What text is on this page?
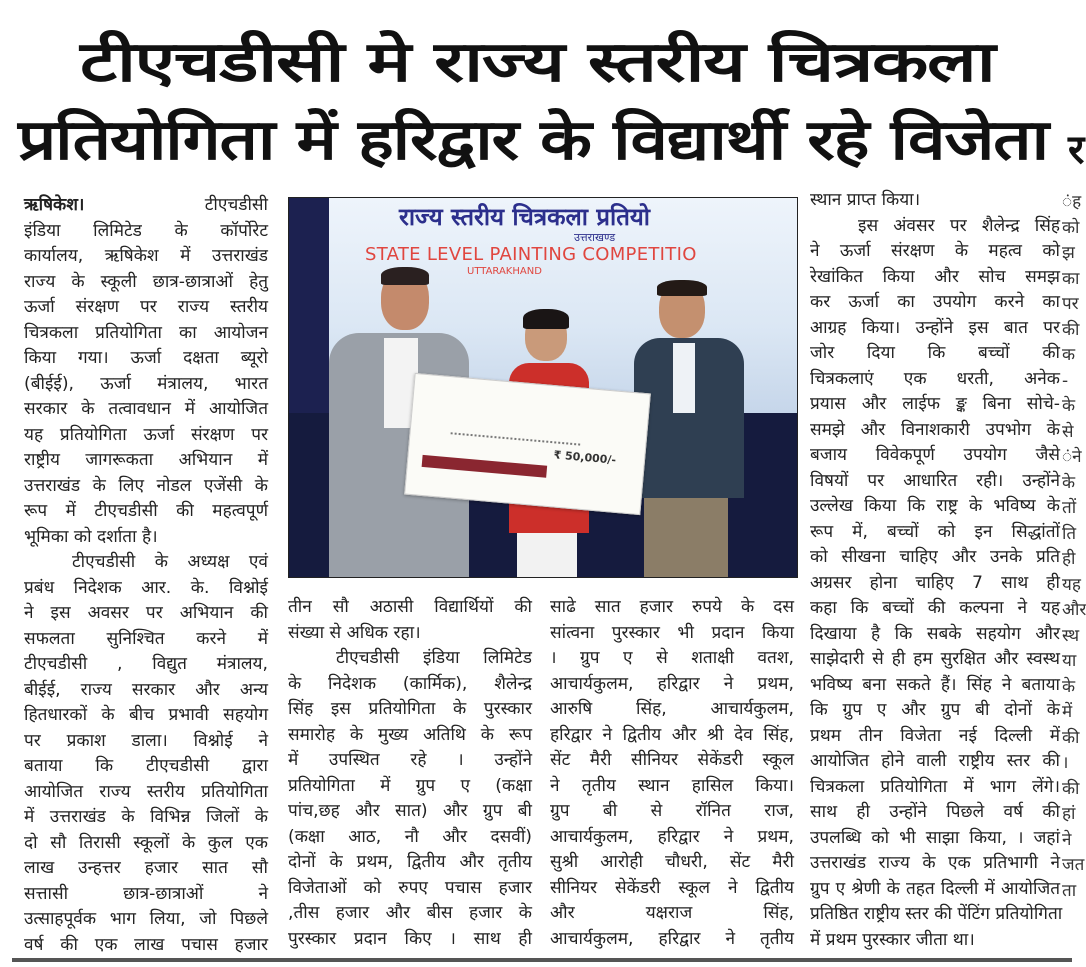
टीएचडीसी मे राज्य स्तरीय चित्रकला
प्रतियोगिता में हरिद्वार के विद्यार्थी रहे विजेता र
ऋषिकेश।	टीएचडीसी
इंडिया लिमिटेड के कॉर्पोरेट
कार्यालय, ऋषिकेश में उत्तराखंड
राज्य के स्कूली छात्र-छात्राओं हेतु
ऊर्जा संरक्षण पर राज्य स्तरीय
चित्रकला प्रतियोगिता का आयोजन
किया गया। ऊर्जा दक्षता ब्यूरो
(बीईई), ऊर्जा मंत्रालय, भारत
सरकार के तत्वावधान में आयोजित
यह प्रतियोगिता ऊर्जा संरक्षण पर
राष्ट्रीय जागरूकता अभियान में
उत्तराखंड के लिए नोडल एजेंसी के
रूप में टीएचडीसी की महत्वपूर्ण
भूमिका को दर्शाता है।
टीएचडीसी के अध्यक्ष एवं
प्रबंध निदेशक आर. के. विश्नोई
ने इस अवसर पर अभियान की
सफलता सुनिश्चित करने में
टीएचडीसी , विद्युत मंत्रालय,
बीईई, राज्य सरकार और अन्य
हितधारकों के बीच प्रभावी सहयोग
पर प्रकाश डाला। विश्नोई ने
बताया कि टीएचडीसी द्वारा
आयोजित राज्य स्तरीय प्रतियोगिता
में उत्तराखंड के विभिन्न जिलों के
दो सौ तिरासी स्कूलों के कुल एक
लाख उन्हत्तर हजार सात सौ
सत्तासी छात्र-छात्राओं ने
उत्साहपूर्वक भाग लिया, जो पिछले
वर्ष की एक लाख पचास हजार
राज्य स्तरीय चित्रकला प्रतियो
उत्तराखण्ड
₹ 50,000/-
STATE LEVEL PAINTING COMPETITIO
UTTARAKHAND
तीन सौ अठासी विद्यार्थियों की
संख्या से अधिक रहा।
टीएचडीसी इंडिया लिमिटेड
के निदेशक (कार्मिक), शैलेन्द्र
सिंह इस प्रतियोगिता के पुरस्कार
समारोह के मुख्य अतिथि के रूप
में उपस्थित रहे । उन्होंने
प्रतियोगिता में ग्रुप ए (कक्षा
पांच,छह और सात) और ग्रुप बी
(कक्षा आठ, नौ और दसवीं)
दोनों के प्रथम, द्वितीय और तृतीय
विजेताओं को रुपए पचास हजार
,तीस हजार और बीस हजार के
पुरस्कार प्रदान किए । साथ ही
साढे सात हजार रुपये के दस
सांत्वना पुरस्कार भी प्रदान किया
। ग्रुप ए से शताक्षी वतश,
आचार्यकुलम, हरिद्वार ने प्रथम,
आरुषि सिंह, आचार्यकुलम,
हरिद्वार ने द्वितीय और श्री देव सिंह,
सेंट मैरी सीनियर सेकेंडरी स्कूल
ने तृतीय स्थान हासिल किया।
ग्रुप बी से रॉनित राज,
आचार्यकुलम, हरिद्वार ने प्रथम,
सुश्री आरोही चौधरी, सेंट मैरी
सीनियर सेकेंडरी स्कूल ने द्वितीय
और यक्षराज सिंह,
आचार्यकुलम, हरिद्वार ने तृतीय
स्थान प्राप्त किया।
इस अंवसर पर शैलेन्द्र सिंह
ने ऊर्जा संरक्षण के महत्व को
रेखांकित किया और सोच समझ
कर ऊर्जा का उपयोग करने का
आग्रह किया। उन्होंने इस बात पर
जोर दिया कि बच्चों की
चित्रकलाएं एक धरती, अनेक
प्रयास और लाईफ ङ्क बिना सोचे-
समझे और विनाशकारी उपभोग के
बजाय विवेकपूर्ण उपयोग जैसे
विषयों पर आधारित रही। उन्होंने
उल्लेख किया कि राष्ट्र के भविष्य के
रूप में, बच्चों को इन सिद्धांतों
को सीखना चाहिए और उनके प्रति
अग्रसर होना चाहिए 7 साथ ही
कहा कि बच्चों की कल्पना ने यह
दिखाया है कि सबके सहयोग और
साझेदारी से ही हम सुरक्षित और स्वस्थ
भविष्य बना सकते हैं। सिंह ने बताया
कि ग्रुप ए और ग्रुप बी दोनों के
प्रथम तीन विजेता नई दिल्ली में
आयोजित होने वाली राष्ट्रीय स्तर की
चित्रकला प्रतियोगिता में भाग लेंगे।
साथ ही उन्होंने पिछले वर्ष की
उपलब्धि को भी साझा किया, । जहां
उत्तराखंड राज्य के एक प्रतिभागी ने
ग्रुप ए श्रेणी के तहत दिल्ली में आयोजित
प्रतिष्ठित राष्ट्रीय स्तर की पेंटिंग प्रतियोगिता
में प्रथम पुरस्कार जीता था।
ंह
को
झ
का
पर
की
क
-
के
से
ंने
के
तों
ति
ही
यह
और
स्थ
या
के
में
की
।
की
हां
ने
जत
ता
